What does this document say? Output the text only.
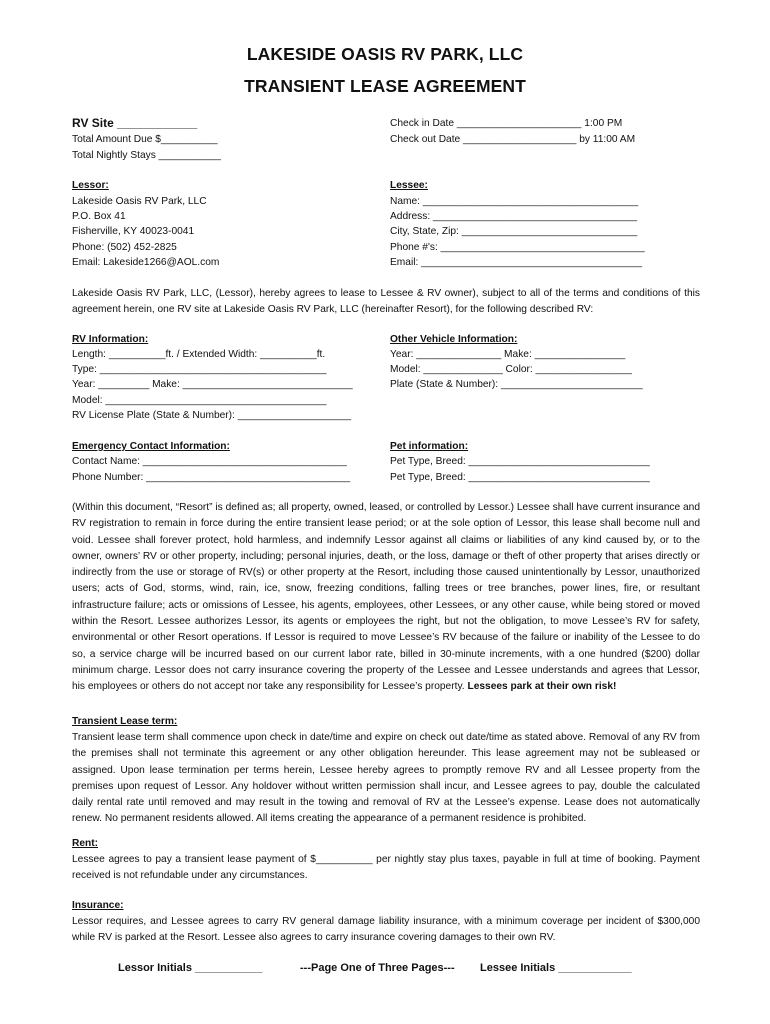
LAKESIDE OASIS RV PARK, LLC
TRANSIENT LEASE AGREEMENT
RV Site ____________
Total Amount Due $__________
Total Nightly Stays ___________
Check in Date ______________________ 1:00 PM
Check out Date ____________________ by 11:00 AM
Lessor:
Lakeside Oasis RV Park, LLC
P.O. Box 41
Fisherville, KY 40023-0041
Phone: (502) 452-2825
Email: Lakeside1266@AOL.com
Lessee:
Name: ______________________________________
Address: ____________________________________
City, State, Zip: _______________________________
Phone #'s: ____________________________________
Email: _______________________________________

Lakeside Oasis RV Park, LLC, (Lessor), hereby agrees to lease to Lessee & RV owner), subject to all of the terms and conditions of this agreement herein, one RV site at Lakeside Oasis RV Park, LLC (hereinafter Resort), for the following described RV:

RV Information:
Length: __________ft. / Extended Width: __________ft.
Type: ________________________________________
Year: _________ Make: ______________________________
Model: _______________________________________
RV License Plate (State & Number): ____________________
Other Vehicle Information:
Year: _______________ Make: ________________
Model: ______________ Color: _________________
Plate (State & Number): _________________________
Emergency Contact Information:
Contact Name: ____________________________________
Phone Number: ____________________________________
Pet information:
Pet Type, Breed: ________________________________
Pet Type, Breed: ________________________________

(Within this document, “Resort” is defined as; all property, owned, leased, or controlled by Lessor.) Lessee shall have current insurance and RV registration to remain in force during the entire transient lease period; or at the sole option of Lessor, this lease shall become null and void. Lessee shall forever protect, hold harmless, and indemnify Lessor against all claims or liabilities of any kind caused by, or to the owner, owners’ RV or other property, including; personal injuries, death, or the loss, damage or theft of other property that arises directly or indirectly from the use or storage of RV(s) or other property at the Resort, including those caused unintentionally by Lessor, unauthorized users; acts of God, storms, wind, rain, ice, snow, freezing conditions, falling trees or tree branches, power lines, fire, or resultant infrastructure failure; acts or omissions of Lessee, his agents, employees, other Lessees, or any other cause, while being stored or moved within the Resort. Lessee authorizes Lessor, its agents or employees the right, but not the obligation, to move Lessee’s RV for safety, environmental or other Resort operations. If Lessor is required to move Lessee’s RV because of the failure or inability of the Lessee to do so, a service charge will be incurred based on our current labor rate, billed in 30-minute increments, with a one hundred ($200) dollar minimum charge. Lessor does not carry insurance covering the property of the Lessee and Lessee understands and agrees that Lessor, his employees or others do not accept nor take any responsibility for Lessee’s property. Lessees park at their own risk!

Transient Lease term:

Transient lease term shall commence upon check in date/time and expire on check out date/time as stated above. Removal of any RV from the premises shall not terminate this agreement or any other obligation hereunder. This lease agreement may not be subleased or assigned. Upon lease termination per terms herein, Lessee hereby agrees to promptly remove RV and all Lessee property from the premises upon request of Lessor. Any holdover without written permission shall incur, and Lessee agrees to pay, double the calculated daily rental rate until removed and may result in the towing and removal of RV at the Lessee’s expense. Lease does not automatically renew. No permanent residents allowed. All items creating the appearance of a permanent residence is prohibited.

Rent:

Lessee agrees to pay a transient lease payment of $__________ per nightly stay plus taxes, payable in full at time of booking. Payment received is not refundable under any circumstances.

Insurance:

Lessor requires, and Lessee agrees to carry RV general damage liability insurance, with a minimum coverage per incident of $300,000 while RV is parked at the Resort. Lessee also agrees to carry insurance covering damages to their own RV.

Lessor Initials ___________	---Page One of Three Pages--- Lessee Initials ____________
